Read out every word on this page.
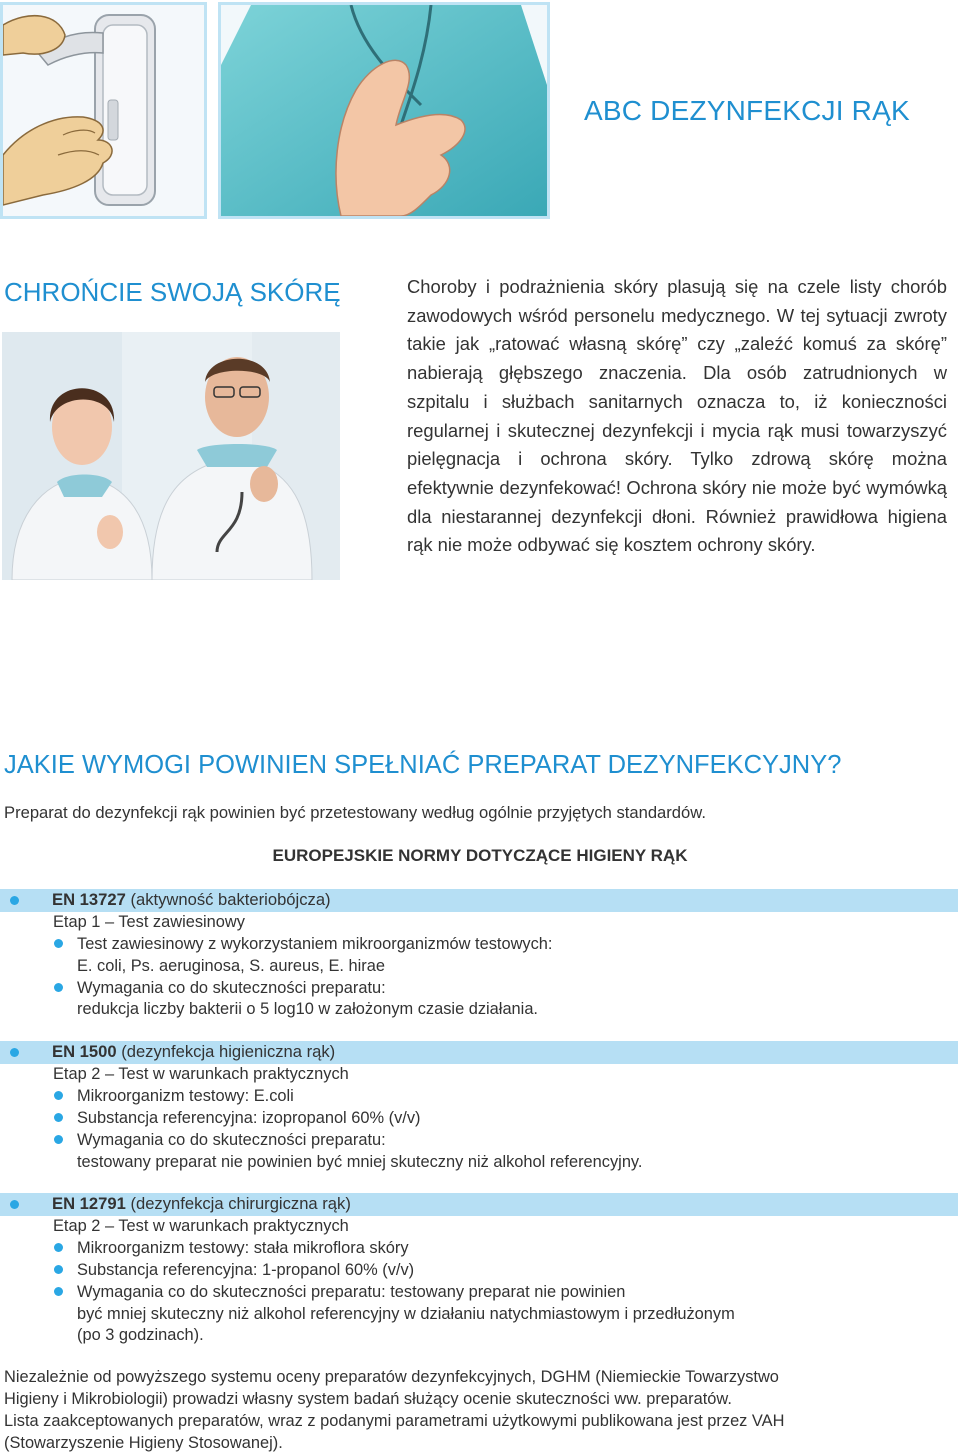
ABC DEZYNFEKCJI RĄK
CHROŃCIE SWOJĄ SKÓRĘ	Choroby i podrażnienia skóry plasują się na czele listy chorób zawodowych wśród personelu medycznego. W tej sytuacji zwroty takie jak „ratować własną skórę” czy „zaleźć komuś za skórę” nabierają głębszego znaczenia. Dla osób zatrudnionych w szpitalu i służbach sanitarnych oznacza to, iż konieczności regularnej i skutecznej dezynfekcji i mycia rąk musi towarzyszyć pielęgnacja i ochrona skóry. Tylko zdrową skórę można efektywnie dezynfekować! Ochrona skóry nie może być wymówką dla niestarannej dezynfekcji dłoni. Również prawidłowa higiena rąk nie może odbywać się kosztem ochrony skóry.

JAKIE WYMOGI POWINIEN SPEŁNIAĆ PREPARAT DEZYNFEKCYJNY?

Preparat do dezynfekcji rąk powinien być przetestowany według ogólnie przyjętych standardów.

EUROPEJSKIE NORMY DOTYCZĄCE HIGIENY RĄK

EN 13727 (aktywność bakteriobójcza)
Etap 1 – Test zawiesinowy
Test zawiesinowy z wykorzystaniem mikroorganizmów testowych:
E. coli, Ps. aeruginosa, S. aureus, E. hirae
Wymagania co do skuteczności preparatu:
redukcja liczby bakterii o 5 log10 w założonym czasie działania.
EN 1500 (dezynfekcja higieniczna rąk)
Etap 2 – Test w warunkach praktycznych
Mikroorganizm testowy: E.coli
Substancja referencyjna: izopropanol 60% (v/v)
Wymagania co do skuteczności preparatu:
testowany preparat nie powinien być mniej skuteczny niż alkohol referencyjny.
EN 12791 (dezynfekcja chirurgiczna rąk)
Etap 2 – Test w warunkach praktycznych
Mikroorganizm testowy: stała mikroflora skóry
Substancja referencyjna: 1-propanol 60% (v/v)
Wymagania co do skuteczności preparatu: testowany preparat nie powinien
być mniej skuteczny niż alkohol referencyjny w działaniu natychmiastowym i przedłużonym
(po 3 godzinach).
Niezależnie od powyższego systemu oceny preparatów dezynfekcyjnych, DGHM (Niemieckie Towarzystwo
Higieny i Mikrobiologii) prowadzi własny system badań służący ocenie skuteczności ww. preparatów.
Lista zaakceptowanych preparatów, wraz z podanymi parametrami użytkowymi publikowana jest przez VAH
(Stowarzyszenie Higieny Stosowanej).
